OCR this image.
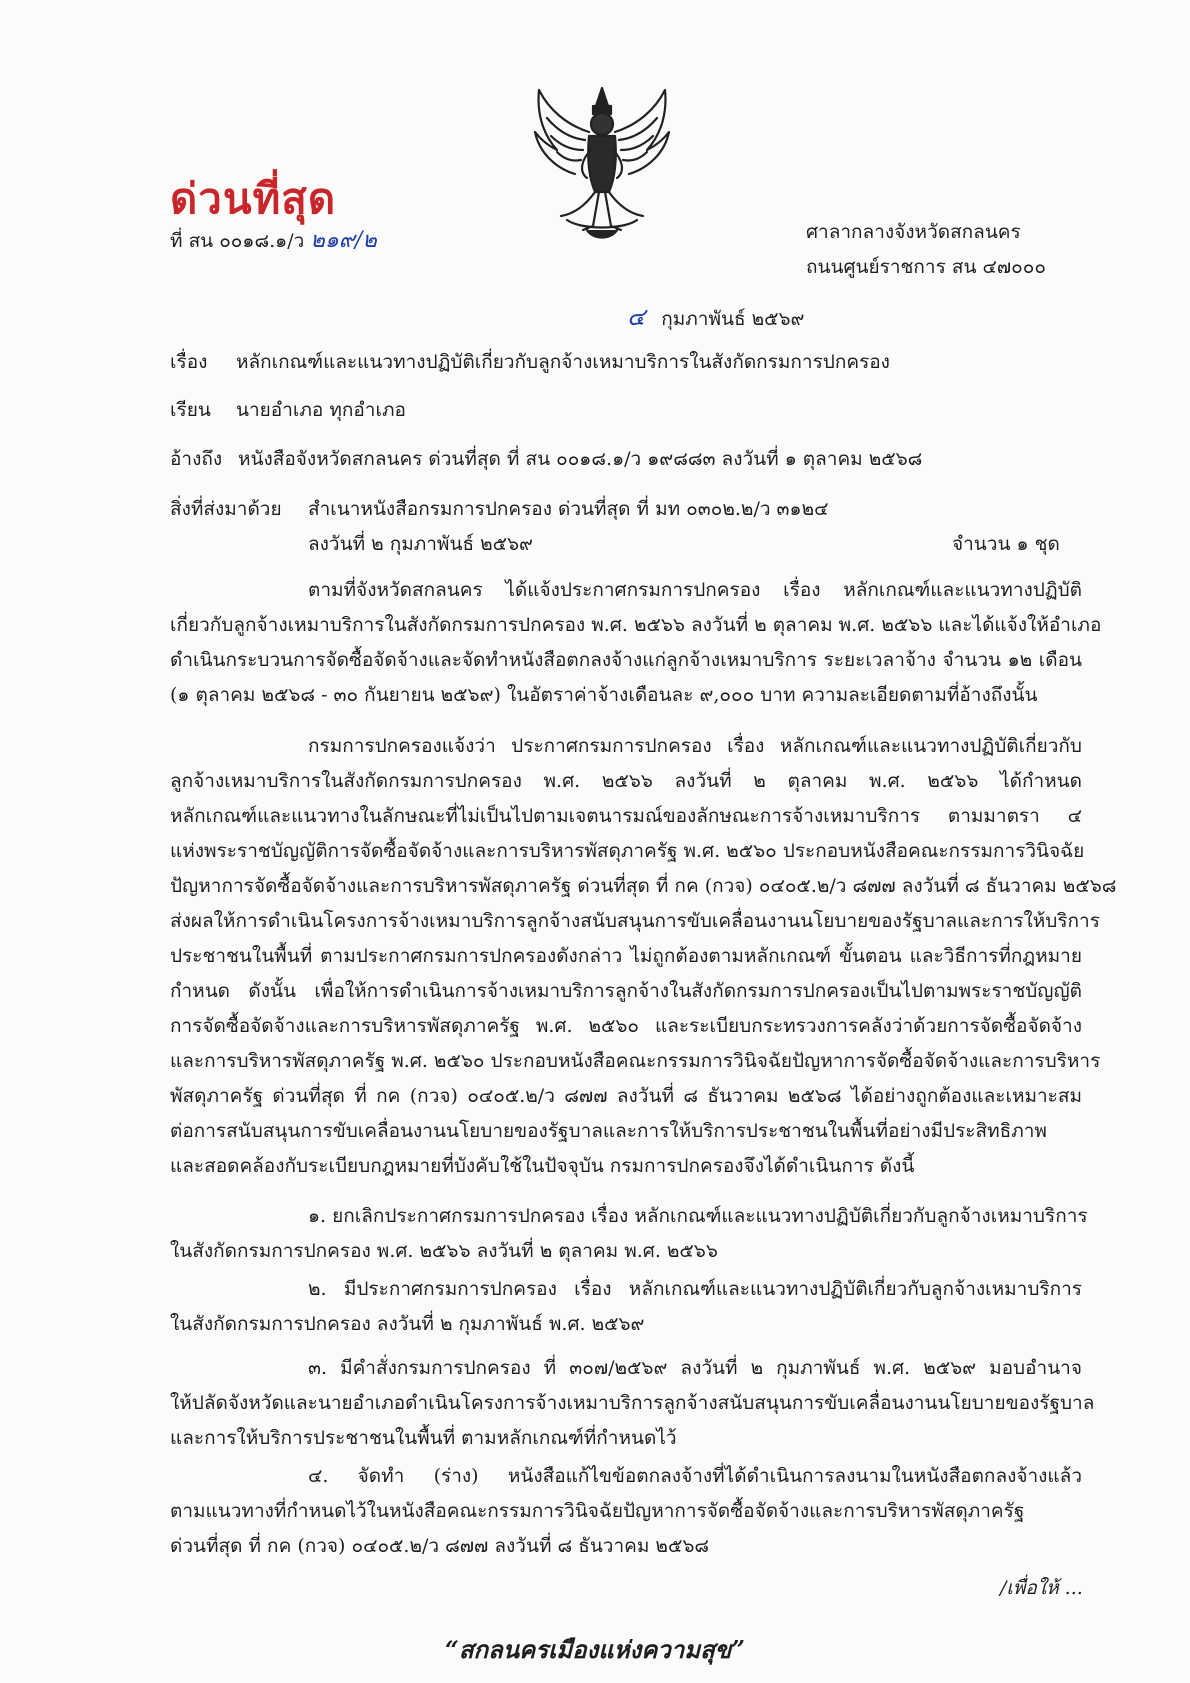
ด่วนที่สุด
ที่ สน ๐๐๑๘.๑/ว ๒๑๙/๒	ศาลากลางจังหวัดสกลนคร
ถนนศูนย์ราชการ สน ๔๗๐๐๐
๔ กุมภาพันธ์ ๒๕๖๙
เรื่อง หลักเกณฑ์และแนวทางปฏิบัติเกี่ยวกับลูกจ้างเหมาบริการในสังกัดกรมการปกครอง
เรียน นายอำเภอ ทุกอำเภอ
อ้างถึง หนังสือจังหวัดสกลนคร ด่วนที่สุด ที่ สน ๐๐๑๘.๑/ว ๑๙๘๘๓ ลงวันที่ ๑ ตุลาคม ๒๕๖๘
สิ่งที่ส่งมาด้วย สำเนาหนังสือกรมการปกครอง ด่วนที่สุด ที่ มท ๐๓๐๒.๒/ว ๓๑๒๔
ลงวันที่ ๒ กุมภาพันธ์ ๒๕๖๙	จำนวน ๑ ชุด
ตามที่จังหวัดสกลนคร ได้แจ้งประกาศกรมการปกครอง เรื่อง หลักเกณฑ์และแนวทางปฏิบัติ
เกี่ยวกับลูกจ้างเหมาบริการในสังกัดกรมการปกครอง พ.ศ. ๒๕๖๖ ลงวันที่ ๒ ตุลาคม พ.ศ. ๒๕๖๖ และได้แจ้งให้อำเภอ
ดำเนินกระบวนการจัดซื้อจัดจ้างและจัดทำหนังสือตกลงจ้างแก่ลูกจ้างเหมาบริการ ระยะเวลาจ้าง จำนวน ๑๒ เดือน
(๑ ตุลาคม ๒๕๖๘ - ๓๐ กันยายน ๒๕๖๙) ในอัตราค่าจ้างเดือนละ ๙,๐๐๐ บาท ความละเอียดตามที่อ้างถึงนั้น
กรมการปกครองแจ้งว่า ประกาศกรมการปกครอง เรื่อง หลักเกณฑ์และแนวทางปฏิบัติเกี่ยวกับ
ลูกจ้างเหมาบริการในสังกัดกรมการปกครอง พ.ศ. ๒๕๖๖ ลงวันที่ ๒ ตุลาคม พ.ศ. ๒๕๖๖ ได้กำหนด
หลักเกณฑ์และแนวทางในลักษณะที่ไม่เป็นไปตามเจตนารมณ์ของลักษณะการจ้างเหมาบริการ ตามมาตรา ๔
แห่งพระราชบัญญัติการจัดซื้อจัดจ้างและการบริหารพัสดุภาครัฐ พ.ศ. ๒๕๖๐ ประกอบหนังสือคณะกรรมการวินิจฉัย
ปัญหาการจัดซื้อจัดจ้างและการบริหารพัสดุภาครัฐ ด่วนที่สุด ที่ กค (กวจ) ๐๔๐๕.๒/ว ๘๗๗ ลงวันที่ ๘ ธันวาคม ๒๕๖๘
ส่งผลให้การดำเนินโครงการจ้างเหมาบริการลูกจ้างสนับสนุนการขับเคลื่อนงานนโยบายของรัฐบาลและการให้บริการ
ประชาชนในพื้นที่ ตามประกาศกรมการปกครองดังกล่าว ไม่ถูกต้องตามหลักเกณฑ์ ขั้นตอน และวิธีการที่กฎหมาย
กำหนด ดังนั้น เพื่อให้การดำเนินการจ้างเหมาบริการลูกจ้างในสังกัดกรมการปกครองเป็นไปตามพระราชบัญญัติ
การจัดซื้อจัดจ้างและการบริหารพัสดุภาครัฐ พ.ศ. ๒๕๖๐ และระเบียบกระทรวงการคลังว่าด้วยการจัดซื้อจัดจ้าง
และการบริหารพัสดุภาครัฐ พ.ศ. ๒๕๖๐ ประกอบหนังสือคณะกรรมการวินิจฉัยปัญหาการจัดซื้อจัดจ้างและการบริหาร
พัสดุภาครัฐ ด่วนที่สุด ที่ กค (กวจ) ๐๔๐๕.๒/ว ๘๗๗ ลงวันที่ ๘ ธันวาคม ๒๕๖๘ ได้อย่างถูกต้องและเหมาะสม
ต่อการสนับสนุนการขับเคลื่อนงานนโยบายของรัฐบาลและการให้บริการประชาชนในพื้นที่อย่างมีประสิทธิภาพ
และสอดคล้องกับระเบียบกฎหมายที่บังคับใช้ในปัจจุบัน กรมการปกครองจึงได้ดำเนินการ ดังนี้
๑. ยกเลิกประกาศกรมการปกครอง เรื่อง หลักเกณฑ์และแนวทางปฏิบัติเกี่ยวกับลูกจ้างเหมาบริการ
ในสังกัดกรมการปกครอง พ.ศ. ๒๕๖๖ ลงวันที่ ๒ ตุลาคม พ.ศ. ๒๕๖๖
๒. มีประกาศกรมการปกครอง เรื่อง หลักเกณฑ์และแนวทางปฏิบัติเกี่ยวกับลูกจ้างเหมาบริการ
ในสังกัดกรมการปกครอง ลงวันที่ ๒ กุมภาพันธ์ พ.ศ. ๒๕๖๙
๓. มีคำสั่งกรมการปกครอง ที่ ๓๐๗/๒๕๖๙ ลงวันที่ ๒ กุมภาพันธ์ พ.ศ. ๒๕๖๙ มอบอำนาจ
ให้ปลัดจังหวัดและนายอำเภอดำเนินโครงการจ้างเหมาบริการลูกจ้างสนับสนุนการขับเคลื่อนงานนโยบายของรัฐบาล
และการให้บริการประชาชนในพื้นที่ ตามหลักเกณฑ์ที่กำหนดไว้
๔. จัดทำ (ร่าง) หนังสือแก้ไขข้อตกลงจ้างที่ได้ดำเนินการลงนามในหนังสือตกลงจ้างแล้ว
ตามแนวทางที่กำหนดไว้ในหนังสือคณะกรรมการวินิจฉัยปัญหาการจัดซื้อจัดจ้างและการบริหารพัสดุภาครัฐ
ด่วนที่สุด ที่ กค (กวจ) ๐๔๐๕.๒/ว ๘๗๗ ลงวันที่ ๘ ธันวาคม ๒๕๖๘
/เพื่อให้ ...
“สกลนครเมืองแห่งความสุข”
